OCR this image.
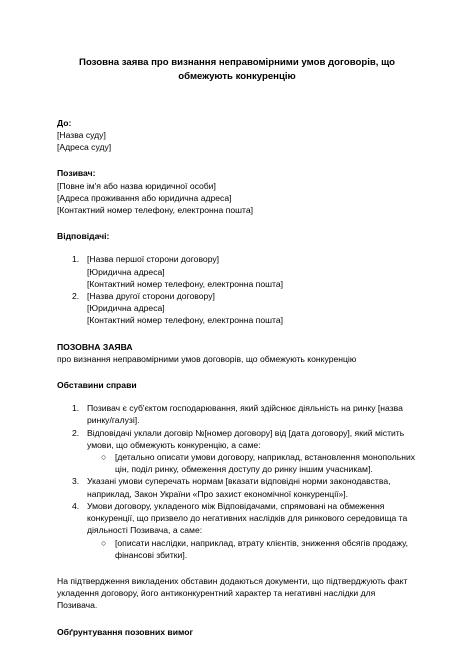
Позовна заява про визнання неправомірними умов договорів, що обмежують конкуренцію

До:

[Назва суду]

[Адреса суду]

Позивач:

[Повне ім'я або назва юридичної особи]

[Адреса проживання або юридична адреса]

[Контактний номер телефону, електронна пошта]

Відповідачі:

1. [Назва першої сторони договору]

[Юридична адреса]

[Контактний номер телефону, електронна пошта]

2. [Назва другої сторони договору]

[Юридична адреса]

[Контактний номер телефону, електронна пошта]

ПОЗОВНА ЗАЯВА

про визнання неправомірними умов договорів, що обмежують конкуренцію

Обставини справи

1. Позивач є суб'єктом господарювання, який здійснює діяльність на ринку [назва ринку/галузі].

2. Відповідачі уклали договір №[номер договору] від [дата договору], який містить умови, що обмежують конкуренцію, а саме:

○ [детально описати умови договору, наприклад, встановлення монопольних цін, поділ ринку, обмеження доступу до ринку іншим учасникам].

3. Указані умови суперечать нормам [вказати відповідні норми законодавства, наприклад, Закон України «Про захист економічної конкуренції»].

4. Умови договору, укладеного між Відповідачами, спрямовані на обмеження конкуренції, що призвело до негативних наслідків для ринкового середовища та діяльності Позивача, а саме:

○ [описати наслідки, наприклад, втрату клієнтів, зниження обсягів продажу, фінансові збитки].

На підтвердження викладених обставин додаються документи, що підтверджують факт укладення договору, його антиконкурентний характер та негативні наслідки для Позивача.

Обґрунтування позовних вимог
